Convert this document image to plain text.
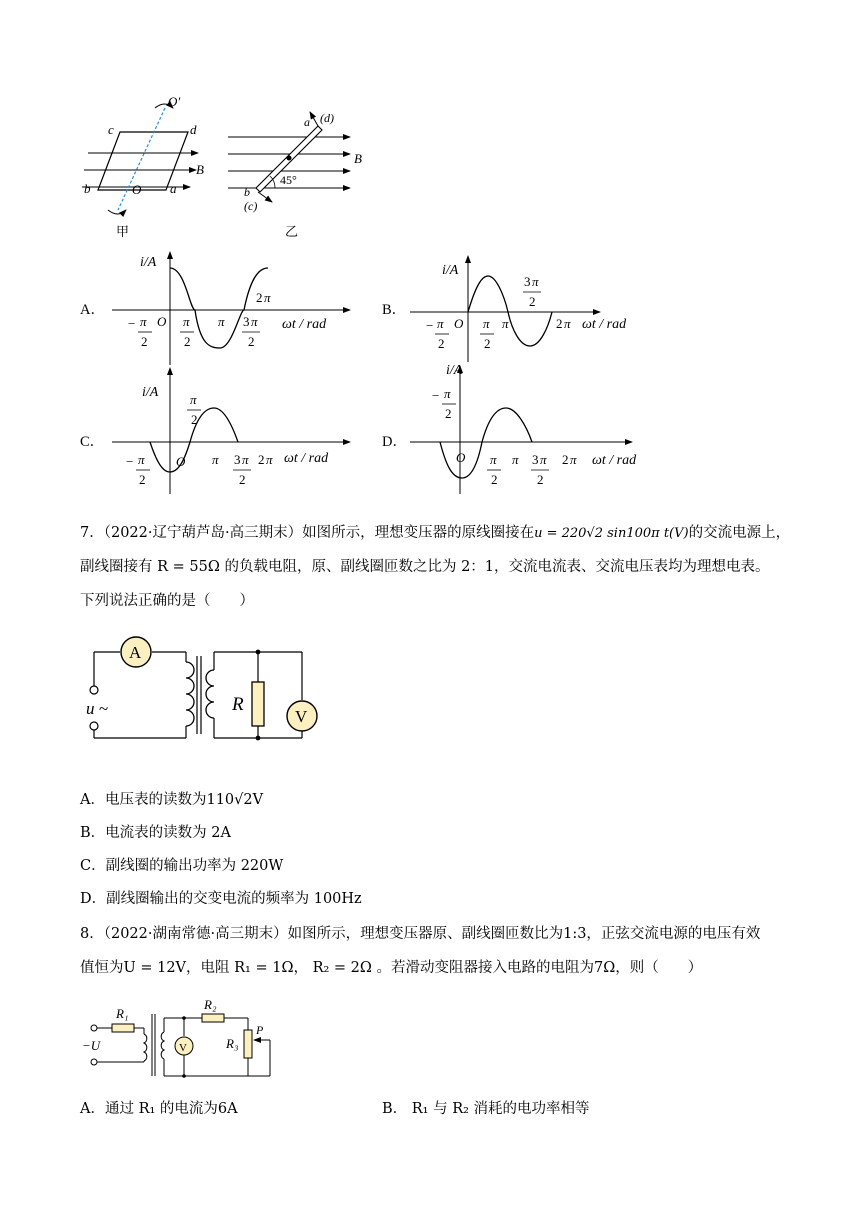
O′
c	d
b	a
O
B
甲
a (d)
b
(c)
B
45°
乙
A．
i/A
ωt / rad
O
− π
2
π
2
π 3 π
2
2 π
B．
i/A
ωt / rad
O
− π
2
π
2
π
3 π
2
2 π
C．
i/A
ωt / rad
O
− π
2
π
2
π 3 π
2
2 π
D．
i/A
ωt / rad
O
− π
2
π
2
π 3 π
2
2 π
7．（2022·辽宁葫芦岛·高三期末）如图所示，理想变压器的原线圈接在u = 220√2 sin100π t(V)的交流电源上，
副线圈接有 R = 55Ω 的负载电阻，原、副线圈匝数之比为 2：1，交流电流表、交流电压表均为理想电表。
下列说法正确的是（　　）
A
u ~	R
V
A．电压表的读数为110√2V
B．电流表的读数为 2A
C．副线圈的输出功率为 220W
D．副线圈输出的交变电流的频率为 100Hz
8．（2022·湖南常德·高三期末）如图所示，理想变压器原、副线圈匝数比为1:3，正弦交流电源的电压有效
值恒为U = 12V，电阻 R₁ = 1Ω， R₂ = 2Ω 。若滑动变阻器接入电路的电阻为7Ω，则（　　）
R₁
−U
R₂
V	R₃
P
A．通过 R₁ 的电流为6A	B． R₁ 与 R₂ 消耗的电功率相等
